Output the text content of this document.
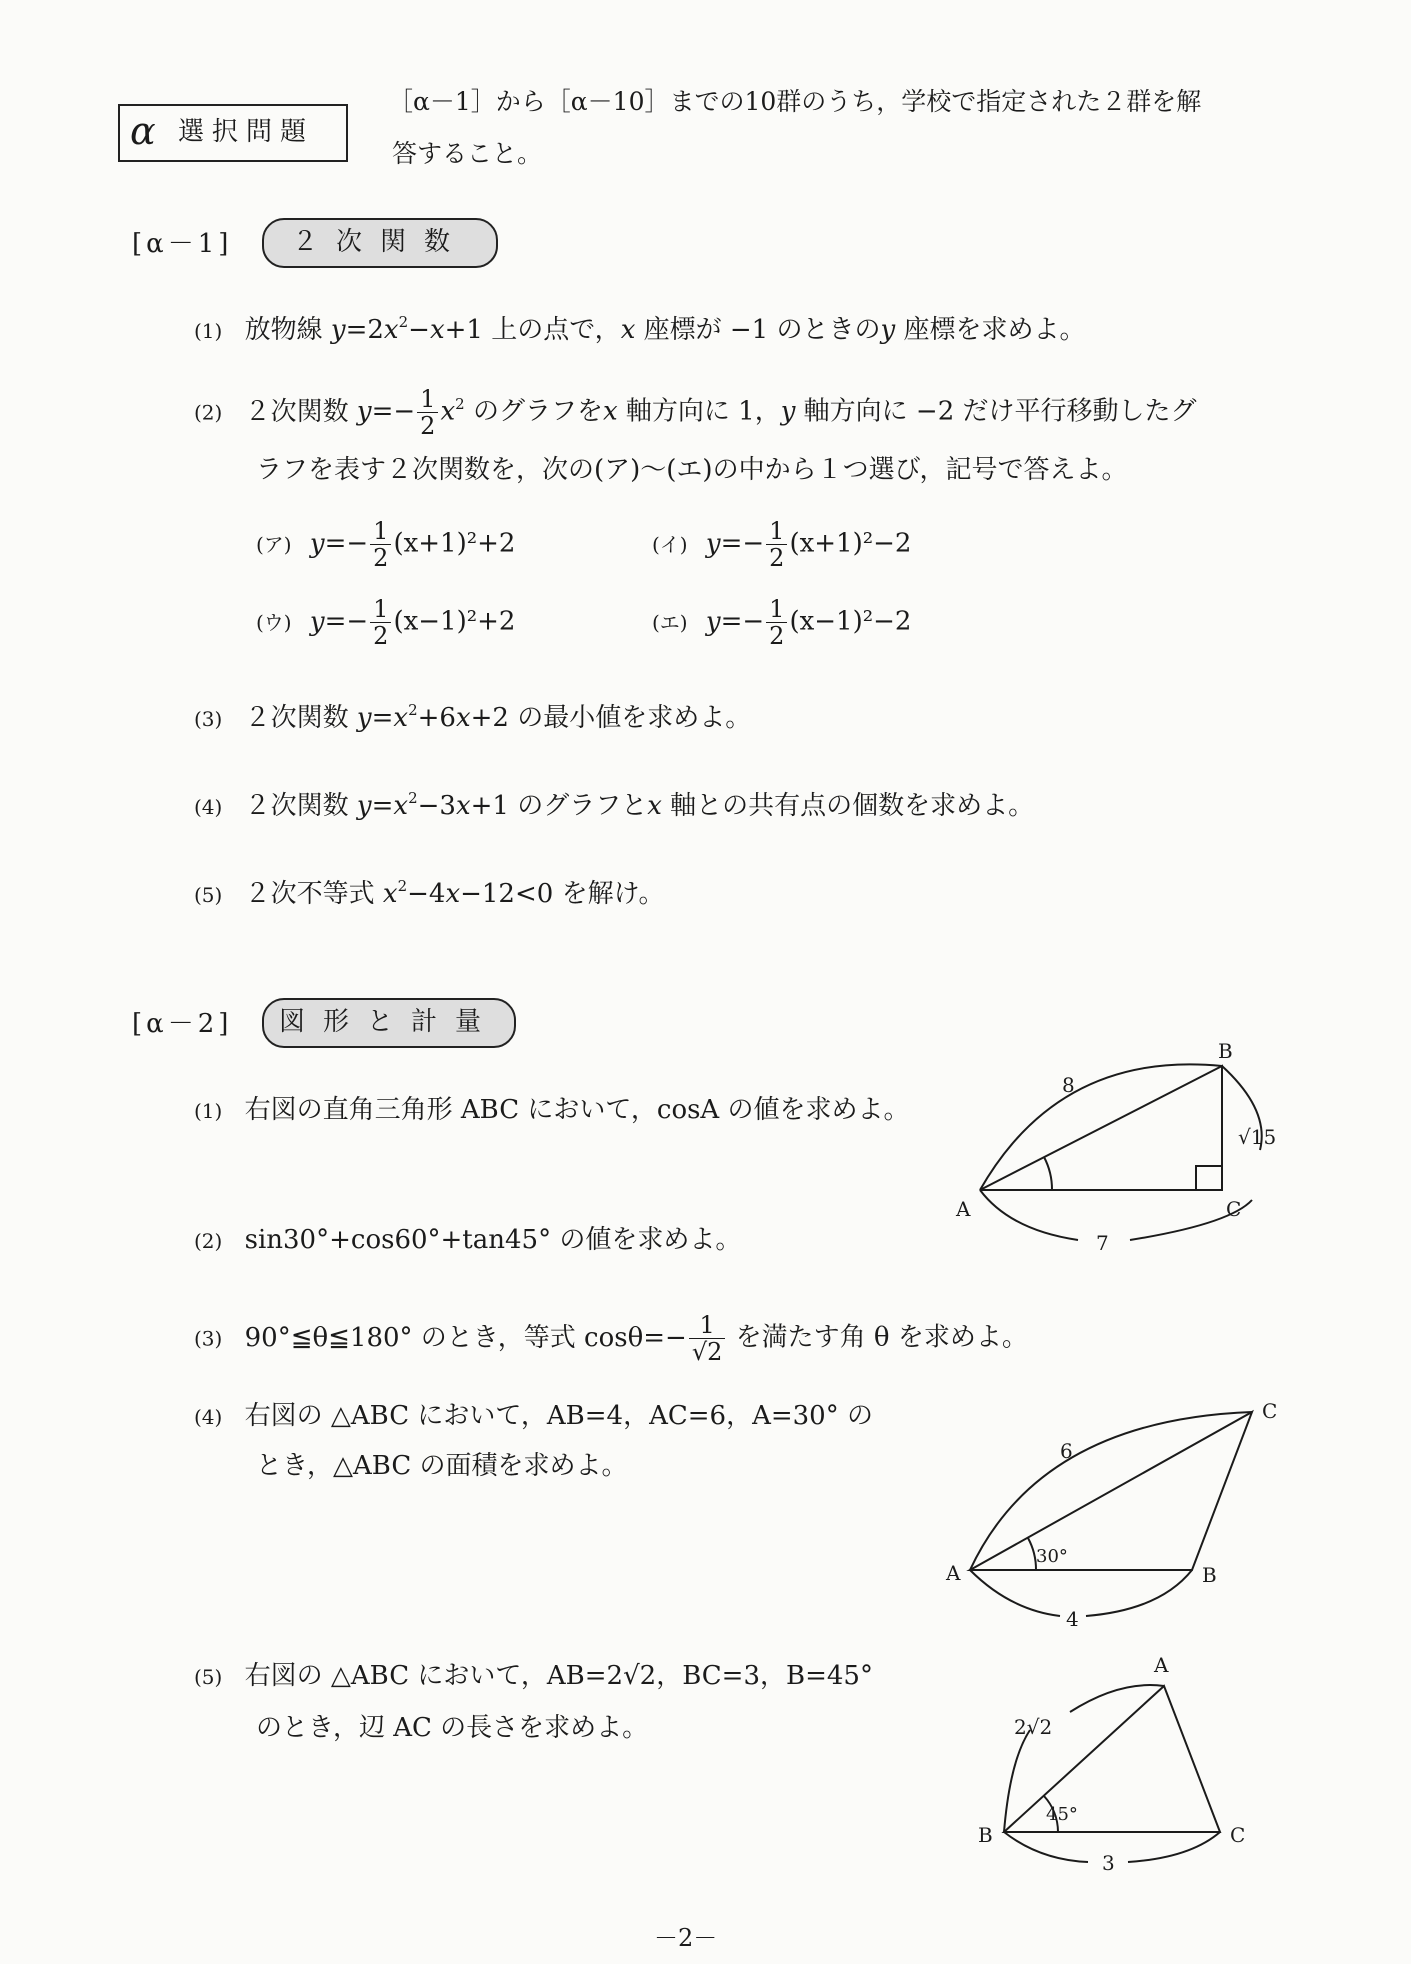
α 選択問題
［α－1］から［α－10］までの10群のうち，学校で指定された２群を解
答すること。
[α－1]	２次関数
(1) 放物線 $y=2x^2-x+1$ 上の点で，x 座標が −1 のときのy 座標を求めよ。
(2) ２次関数 $y=- \frac{1}{2} x^2$ のグラフをx 軸方向に 1，y 軸方向に −2 だけ平行移動したグ
ラフを表す２次関数を，次の(ア)〜(エ)の中から１つ選び，記号で答えよ。
(ア) $y=- \frac{1}{2} (x+1)^2+2$	(イ) $y=- \frac{1}{2} (x+1)^2-2$
(ウ) $y=- \frac{1}{2} (x-1)^2+2$	(エ) $y=- \frac{1}{2} (x-1)^2-2$
(3) ２次関数 $y=x^2+6x+2$ の最小値を求めよ。
(4) ２次関数 $y=x^2-3x+1$ のグラフとx 軸との共有点の個数を求めよ。
(5) ２次不等式 $x^2-4x-12<0$ を解け。
[α－2]	図形と計量
(1) 右図の直角三角形 ABC において，cosA の値を求めよ。
(2) sin30°+cos60°+tan45° の値を求めよ。
(3) 90°≦θ≦180° のとき，等式 $\cos\theta=- \frac{1}{√2}$ を満たす角 θ を求めよ。
(4) 右図の △ABC において，AB=4，AC=6，A=30° の
とき，△ABC の面積を求めよ。
(5) 右図の △ABC において，AB=2√2，BC=3，B=45°
のとき，辺 AC の長さを求めよ。
A
B
C
8
√15
7
A	B
C
6
30°
4
A
B	C
2√2
45°
3
－2－
